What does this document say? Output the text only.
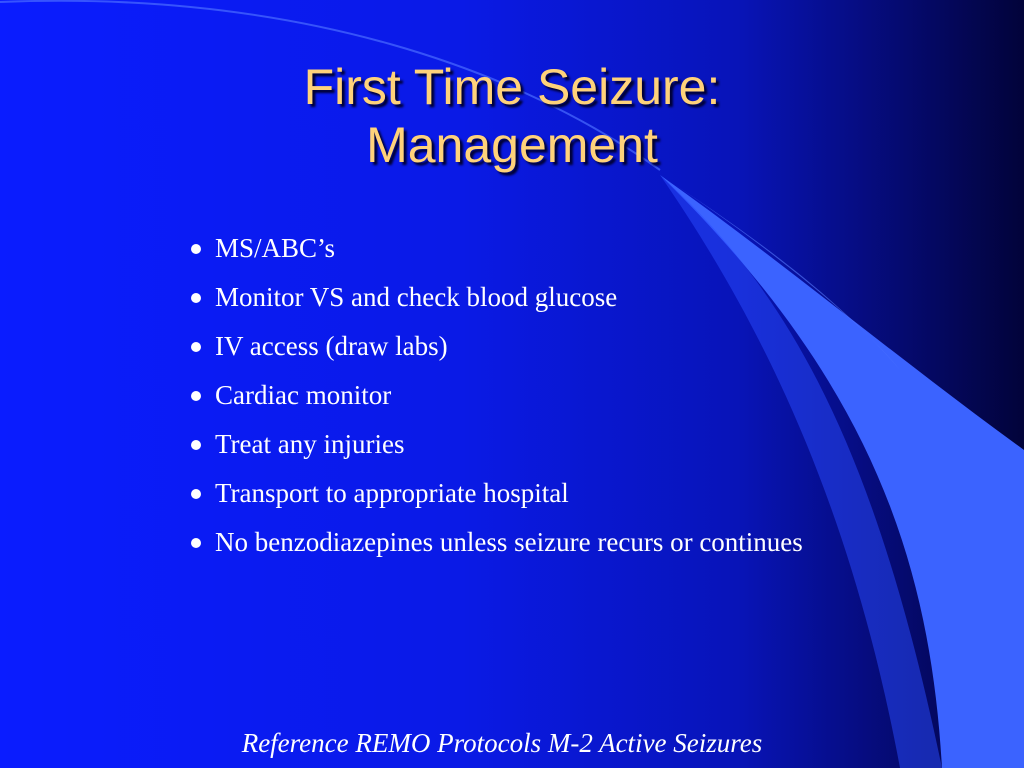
First Time Seizure:
Management
MS/ABC’s
Monitor VS and check blood glucose
IV access (draw labs)
Cardiac monitor
Treat any injuries
Transport to appropriate hospital
No benzodiazepines unless seizure recurs or continues
Reference REMO Protocols M-2 Active Seizures
